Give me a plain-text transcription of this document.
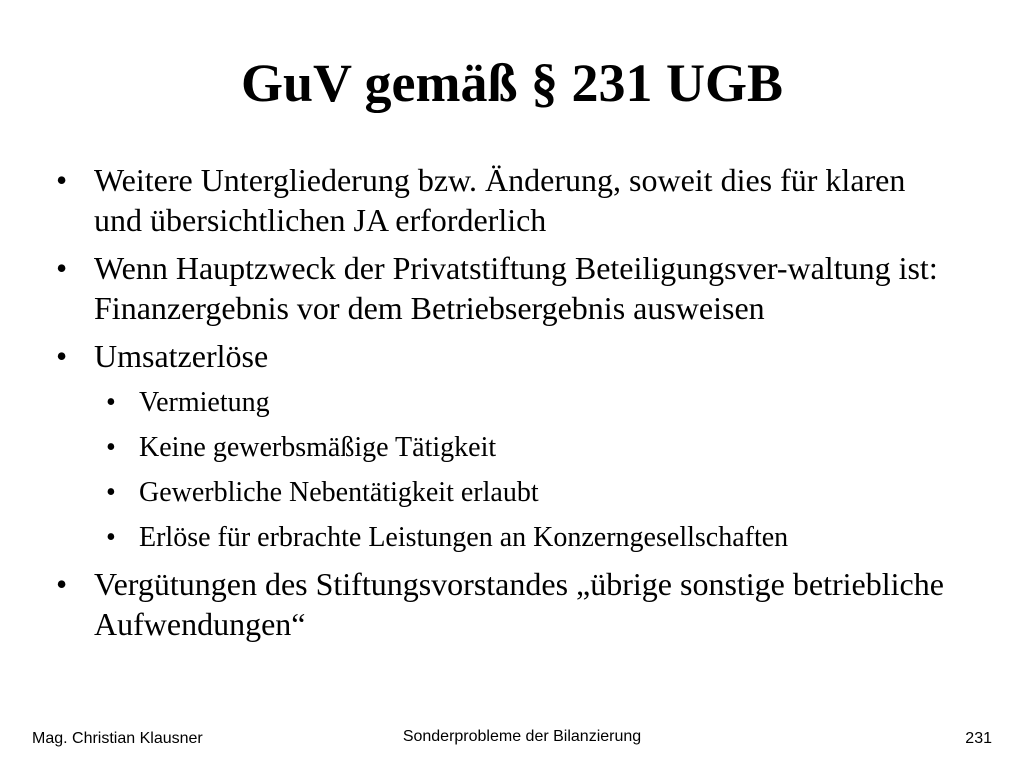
GuV gemäß § 231 UGB
• Weitere Untergliederung bzw. Änderung, soweit dies für klaren und übersichtlichen JA erforderlich
• Wenn Hauptzweck der Privatstiftung Beteiligungsver-waltung ist: Finanzergebnis vor dem Betriebsergebnis ausweisen
• Umsatzerlöse
• Vermietung
• Keine gewerbsmäßige Tätigkeit
• Gewerbliche Nebentätigkeit erlaubt
• Erlöse für erbrachte Leistungen an Konzerngesellschaften
• Vergütungen des Stiftungsvorstandes „übrige sonstige betriebliche Aufwendungen“
Mag. Christian Klausner	Sonderprobleme der Bilanzierung	231
